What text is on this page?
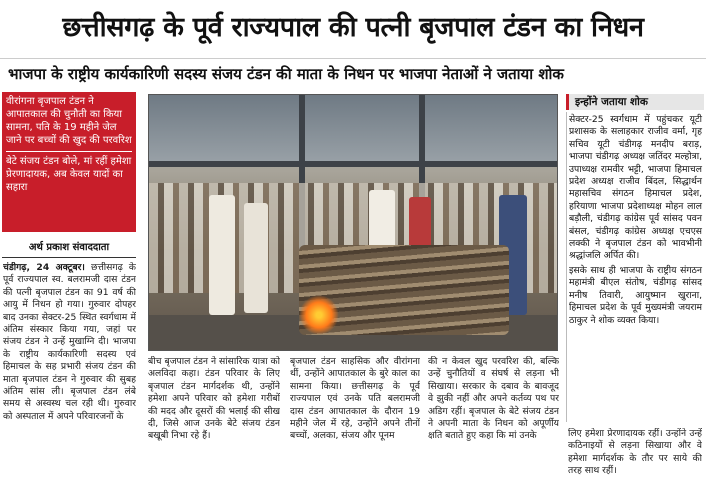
छत्तीसगढ़ के पूर्व राज्यपाल की पत्नी बृजपाल टंडन का निधन
भाजपा के राष्ट्रीय कार्यकारिणी सदस्य संजय टंडन की माता के निधन पर भाजपा नेताओं ने जताया शोक
वीरांगना बृजपाल टंडन ने आपातकाल की चुनौती का किया सामना, पति के 19 महीने जेल जाने पर बच्चों की खुद की परवरिश
बेटे संजय टंडन बोले, मां रहीं हमेशा प्रेरणादायक, अब केवल यादों का सहारा
अर्थ प्रकाश संवाददाता
चंडीगढ़, 24 अक्टूबर। छत्तीसगढ़ के पूर्व राज्यपाल स्व. बलरामजी दास टंडन की पत्नी बृजपाल टंडन का 91 वर्ष की आयु में निधन हो गया। गुरुवार दोपहर बाद उनका सेक्टर-25 स्थित स्वर्गधाम में अंतिम संस्कार किया गया, जहां पर संजय टंडन ने उन्हें मुखाग्नि दी। भाजपा के राष्ट्रीय कार्यकारिणी सदस्य एवं हिमाचल के सह प्रभारी संजय टंडन की माता बृजपाल टंडन ने गुरुवार की सुबह अंतिम सांस ली। बृजपाल टंडन लंबे समय से अस्वस्थ चल रही थी। गुरुवार को अस्पताल में अपने परिवारजनों के
बीच बृजपाल टंडन ने सांसारिक यात्रा को अलविदा कहा। टंडन परिवार के लिए बृजपाल टंडन मार्गदर्शक थी, उन्होंने हमेशा अपने परिवार को हमेशा गरीबों की मदद और दूसरों की भलाई की सीख दी, जिसे आज उनके बेटे संजय टंडन बखूबी निभा रहे हैं।
बृजपाल टंडन साहसिक और वीरांगना थीं, उन्होंने आपातकाल के बुरे काल का सामना किया। छत्तीसगढ़ के पूर्व राज्यपाल एवं उनके पति बलरामजी दास टंडन आपातकाल के दौरान 19 महीने जेल में रहे, उन्होंने अपने तीनों बच्चों, अलका, संजय और पूनम
की न केवल खुद परवरिश की, बल्कि उन्हें चुनौतियों व संघर्ष से लड़ना भी सिखाया। सरकार के दबाव के बावजूद वे झुकी नहीं और अपने कर्तव्य पथ पर अडिग रहीं। बृजपाल के बेटे संजय टंडन ने अपनी माता के निधन को अपूर्णीय क्षति बताते हुए कहा कि मां उनके
इन्होंने जताया शोक
सेक्टर-25 स्वर्गधाम में पहुंचकर यूटी प्रशासक के सलाहकार राजीव वर्मा, गृह सचिव यूटी चंडीगढ़ मनदीप बराड़, भाजपा चंडीगढ़ अध्यक्ष जतिंदर मल्होत्रा, उपाध्यक्ष रामवीर भट्टी, भाजपा हिमाचल प्रदेश अध्यक्ष राजीव बिंदल, सिद्धार्थन महासचिव संगठन हिमाचल प्रदेश, हरियाणा भाजपा प्रदेशाध्यक्ष मोहन लाल बड़ौली, चंडीगढ़ कांग्रेस पूर्व सांसद पवन बंसल, चंडीगढ़ कांग्रेस अध्यक्ष एचएस लक्की ने बृजपाल टंडन को भावभीनी श्रद्धांजलि अर्पित की।
इसके साथ ही भाजपा के राष्ट्रीय संगठन महामंत्री बीएल संतोष, चंडीगढ़ सांसद मनीष तिवारी, आयुष्मान खुराना, हिमाचल प्रदेश के पूर्व मुख्यमंत्री जयराम ठाकुर ने शोक व्यक्त किया।
लिए हमेशा प्रेरणादायक रहीं। उन्होंने उन्हें कठिनाइयों से लड़ना सिखाया और वे हमेशा मार्गदर्शक के तौर पर साये की तरह साथ रहीं।
